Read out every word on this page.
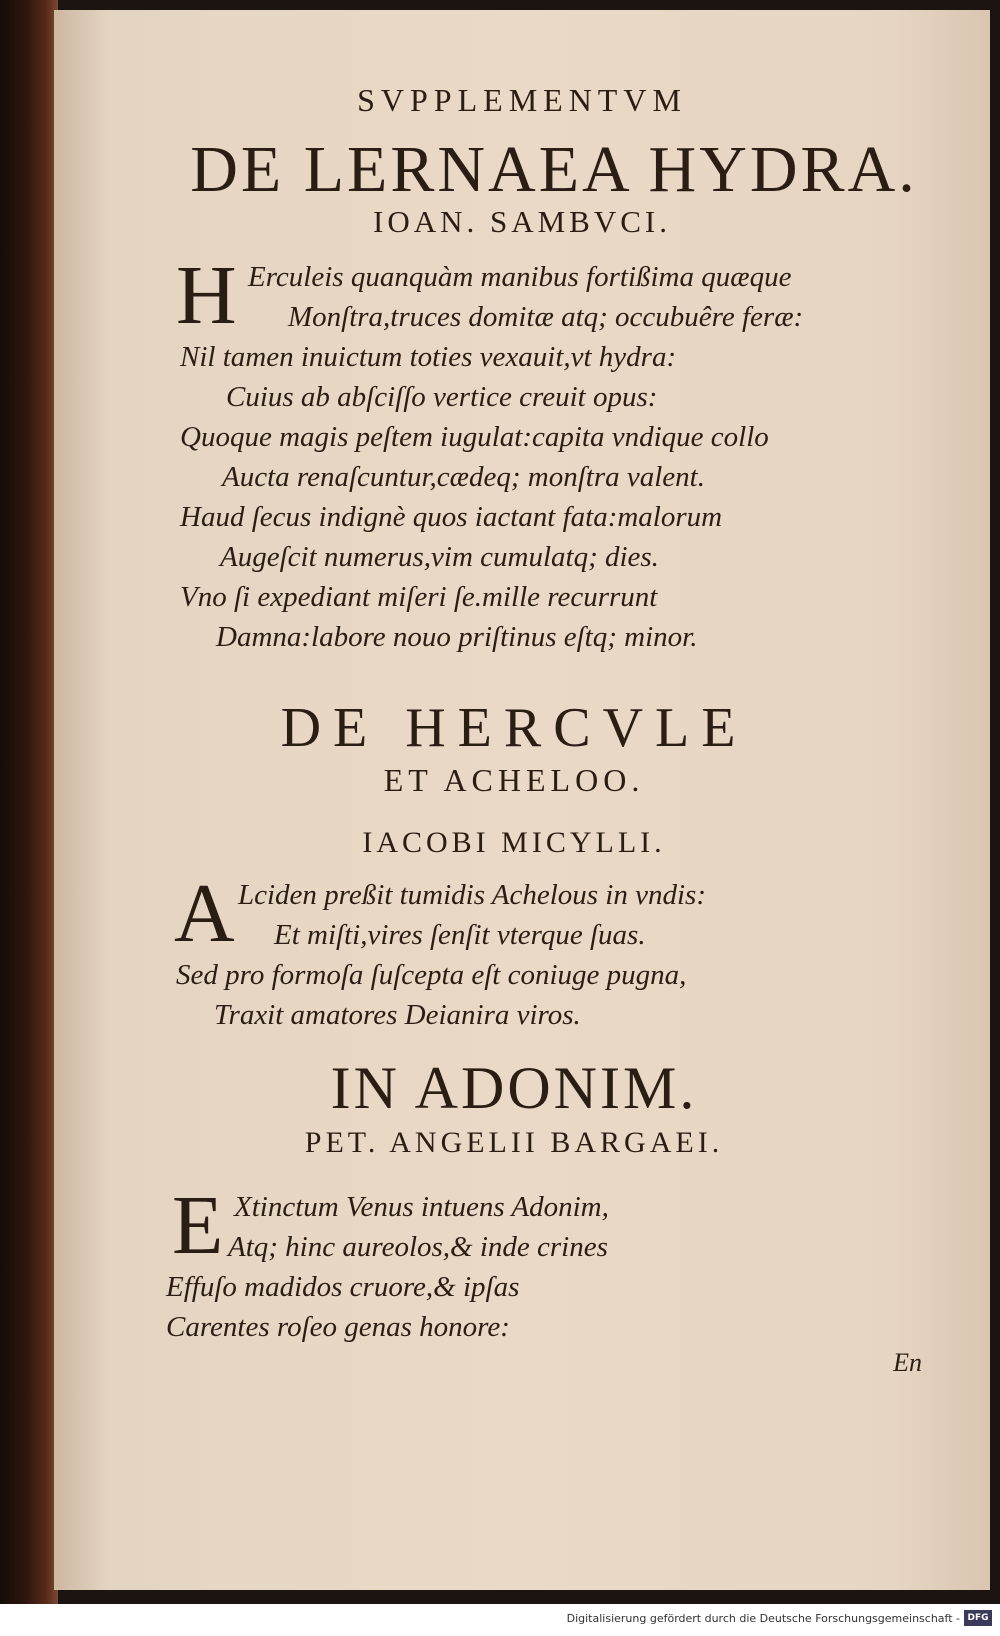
SVPPLEMENTVM
DE LERNAEA HYDRA.
IOAN. SAMBVCI.
H Erculeis quanquàm manibus fortißima quæque
Monſtra,truces domitæ atq; occubuêre feræ:
Nil tamen inuictum toties vexauit,vt hydra:
Cuius ab abſciſſo vertice creuit opus:
Quoque magis peſtem iugulat:capita vndique collo
Aucta renaſcuntur,cædeq; monſtra valent.
Haud ſecus indignè quos iactant fata:malorum
Augeſcit numerus,vim cumulatq; dies.
Vno ſi expediant miſeri ſe.mille recurrunt
Damna:labore nouo priſtinus eſtq; minor.
DE HERCVLE
ET ACHELOO.
IACOBI MICYLLI.
A Lciden preßit tumidis Achelous in vndis:
Et miſti,vires ſenſit vterque ſuas.
Sed pro formoſa ſuſcepta eſt coniuge pugna,
Traxit amatores Deianira viros.
IN ADONIM.
PET. ANGELII BARGAEI.
E Xtinctum Venus intuens Adonim,
Atq; hinc aureolos,& inde crines
Effuſo madidos cruore,& ipſas
Carentes roſeo genas honore:
En
Digitalisierung gefördert durch die Deutsche Forschungsgemeinschaft - DFG
